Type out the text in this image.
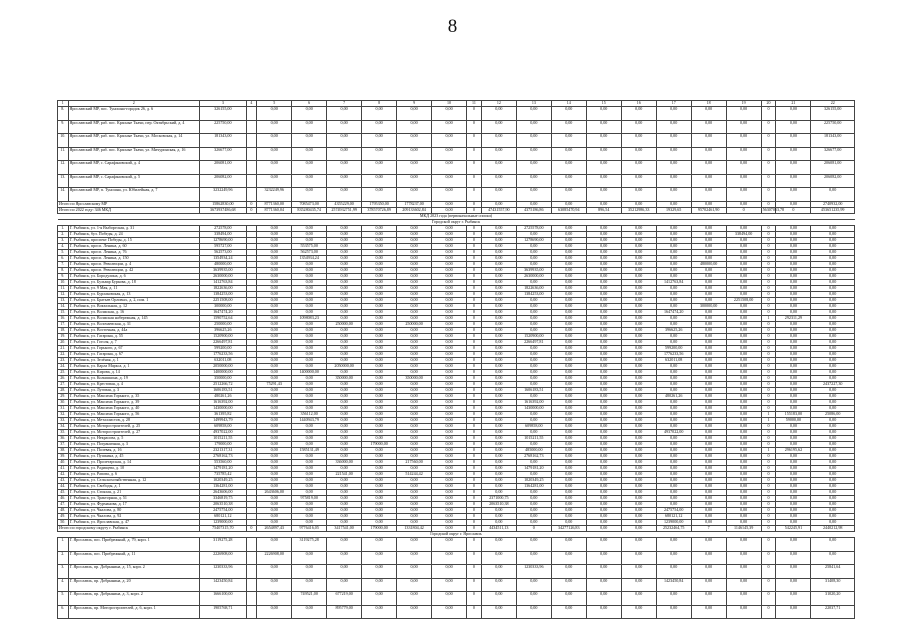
8
1	2	3	4	5	6	7	8	9	10	11	12	13	14	15	16	17	18	19	20	21	22
8.	Ярославский МР, пос. Туношна-городок 26, д. 6	326155,00		0,00	0,00	0,00	0,00	0,00	0,00	0	0,00	0,00	0,00	0,00	0,00	0,00	0,00	0,00	0	0,00	326155,00
9.	Ярославский МР, раб. пос. Красные Ткачи, пер. Октябрьский, д. 4	225750,00		0,00	0,00	0,00	0,00	0,00	0,00	0	0,00	0,00	0,00	0,00	0,00	0,00	0,00	0,00	0	0,00	225750,00
10.	Ярославский МР, раб. пос. Красные Ткачи, ул. Московская, д. 14	181343,00		0,00	0,00	0,00	0,00	0,00	0,00	0	0,00	0,00	0,00	0,00	0,00	0,00	0,00	0,00	0	0,00	181343,00
11.	Ярославский МР, раб. пос. Красные Ткачи, ул. Мичуринская, д. 16	326677,00		0,00	0,00	0,00	0,00	0,00	0,00	0	0,00	0,00	0,00	0,00	0,00	0,00	0,00	0,00	0	0,00	326677,00
12.	Ярославский МР, с. Сарафановский, д. 4	206081,00		0,00	0,00	0,00	0,00	0,00	0,00	0	0,00	0,00	0,00	0,00	0,00	0,00	0,00	0,00	0	0,00	206081,00
13.	Ярославский МР, с. Сарафановский, д. 5	206082,00		0,00	0,00	0,00	0,00	0,00	0,00	0	0,00	0,00	0,00	0,00	0,00	0,00	0,00	0,00	0	0,00	206082,00
14.	Ярославский МР, п. Туношна, ул. Юбилейная, д. 7	3232249,96		3232249,96	0,00	0,00	0,00	0,00	0,00	0	0,00	0,00	0,00	0,00	0,00	0,00	0,00	0,00	0	0,00	0,00
Итого по Ярославскому МР		15862830,00	0	8771360,00	7085473,00	4355229,00	1795350,00	1778237,00	0,00	0	0,00	0,00	0,00	0,00	0,00	0,00	0,00	0,00	0	0,00	2740932,00
Итого по 2022 году: 346 МКД		3673937486,68	0	8771360,04	835280435,74	2574932751,99	378570726,89	209133602,84	0,00	0	47431557,90	4375186,86	63085470,94	896,54	35212986,33	19329,65	95702461,90	0	56307053,78	0	453651235,99
МКД 2023 года (первоначальные списки)																					
Городской округ г. Рыбинск																					
1.	Г. Рыбинск, ул. 1-я Выборгская, д. 31	272578,00		0,00	0,00	0,00	0,00	0,00	0,00	0	0,00	2725578,00	0,00	0,00	0,00	0,00	0,00	0,00	0	0,00	0,00
2.	Г. Рыбинск, бул. Победы, д. 24	338494,00		0,00	0,00	0,00	0,00	0,00	0,00	0	0,00	0,00	0,00	0,00	0,00	0,00	0,00	338494,00	0	0,00	0,00
3.	Г. Рыбинск, проспект Победы, д. 15	1278690,00		0,00	0,00	0,00	0,00	0,00	0,00	0	0,00	1278690,00	0,00	0,00	0,00	0,00	0,00	0,00	0	0,00	0,00
4.	Г. Рыбинск, просп. Ленина, д. 60	595727,00		0,00	553575,00	0,00	0,00	0,00	0,00	0	0,00	0,00	0,00	0,00	0,00	0,00	0,00	0,00	0	0,00	0,00
5.	Г. Рыбинск, просп. Ленина, д. 76	562573,00		0,00	562573,00	0,00	0,00	0,00	0,00	0	0,00	0,00	0,00	0,00	0,00	0,00	0,00	0,00	0	0,00	0,00
6.	Г. Рыбинск, просп. Ленина, д. 150	1354934,24		0,00	1354934,24	0,00	0,00	0,00	0,00	0	0,00	0,00	0,00	0,00	0,00	0,00	0,00	0,00	0	0,00	0,00
7.	Г. Рыбинск, просп. Революции, д. 4	480000,00		0,00	0,00	0,00	0,00	0,00	0,00	0	0,00	0,00	0,00	0,00	0,00	0,00	480000,00	0,00	0	0,00	0,00
8.	Г. Рыбинск, просп. Революции, д. 42	3639935,00		0,00	0,00	0,00	0,00	0,00	0,00	0	0,00	3639935,00	0,00	0,00	0,00	0,00	0,00	0,00	0	0,00	0,00
9.	Г. Рыбинск, ул. Бородулина, д. 6	2630000,00		0,00	0,00	0,00	0,00	0,00	0,00	0	0,00	2630000,00	0,00	0,00	0,00	0,00	0,00	0,00	0	0,00	0,00
10.	Г. Рыбинск, ул. Бульвар Буркова, д. 18	1412763,84		0,00	0,00	0,00	0,00	0,00	0,00	0	0,00	0,00	0,00	0,00	0,00	1412763,84	0,00	0,00	0	0,00	0,00
11.	Г. Рыбинск, ул. 9 Мая, д. 11	1822636,00		0,00	0,00	0,00	0,00	0,00	0,00	0	0,00	1822636,00	0,00	0,00	0,00	0,00	0,00	0,00	0	0,00	0,00
12.	Г. Рыбинск, ул. Бурлаковская, д. 13	1384253,00		0,00	0,00	0,00	0,00	0,00	0,00	0	0,00	1384253,00	0,00	0,00	0,00	0,00	0,00	0,00	0	0,00	0,00
13.	Г. Рыбинск, ул. Братьев Орловых, д. 2, пом. 1	2251508,00		0,00	0,00	0,00	0,00	0,00	0,00	0	0,00	0,00	0,00	0,00	0,00	0,00	0,00	2251508,00	0	0,00	0,00
14.	Г. Рыбинск, ул. Вокзальная, д. 12	300000,00		0,00	0,00	0,00	0,00	0,00	0,00	0	0,00	0,00	0,00	0,00	0,00	0,00	300000,00	0,00	0	0,00	0,00
15.	Г. Рыбинск, ул. Волжская, д. 16	1647474,20		0,00	0,00	0,00	0,00	0,00	0,00	0	0,00	0,00	0,00	0,00	0,00	1647474,20	0,00	0,00	0	0,00	0,00
16.	Г. Рыбинск, ул. Волжская набережная, д. 145	1590752,64		0,00	1098083,23	0,00	0,00	0,00	0,00	0	0,00	0,00	0,00	0,00	0,00	0,00	0,00	0,00	1	292311,29	0,00
17.	Г. Рыбинск, ул. Волочаевская, д. 31	250000,00		0,00	0,00	250000,00	0,00	250000,00	0,00	0	0,00	0,00	0,00	0,00	0,00	0,00	0,00	0,00	0	0,00	0,00
18.	Г. Рыбинск, ул. Восточная, д. 44а	396625,26		0,00	0,00	0,00	0,00	0,00	0,00	0	0,00	0,00	0,00	0,00	0,00	396625,26	0,00	0,00	0	0,00	0,00
19.	Г. Рыбинск, ул. Гагарина, д. 55	1520900,00		0,00	0,00	0,00	0,00	0,00	0,00	0	0,00	1520900,00	0,00	0,00	0,00	0,00	0,00	0,00	0	0,00	0,00
20.	Г. Рыбинск, ул. Гоголя, д. 7	2266497,81		0,00	0,00	0,00	0,00	0,00	0,00	0	0,00	2266497,81	0,00	0,00	0,00	0,00	0,00	0,00	0	0,00	0,00
21.	Г. Рыбинск, ул. Горького, д. 67	599200,00		0,00	0,00	0,00	0,00	0,00	0,00	0	0,00	0,00	0,00	0,00	0,00	599200,00	0,00	0,00	0	0,00	0,00
22.	Г. Рыбинск, ул. Гагарина, д. 67	1776233,56		0,00	0,00	0,00	0,00	0,00	0,00	0	0,00	0,00	0,00	0,00	0,00	1776233,56	0,00	0,00	0	0,00	0,00
23.	Г. Рыбинск, ул. Зелёная, д. 1	632011,08		0,00	0,00	0,00	0,00	0,00	0,00	0	0,00	0,00	0,00	0,00	0,00	632011,08	0,00	0,00	0	0,00	0,00
24.	Г. Рыбинск, ул. Карла Маркса, д. 1	2050000,00		0,00	0,00	2050000,00	0,00	0,00	0,00	0	0,00	0,00	0,00	0,00	0,00	0,00	0,00	0,00	0	0,00	0,00
25.	Г. Рыбинск, ул. Кирова, д. 14	1400000,00		0,00	1400000,00	0,00	0,00	0,00	0,00	0	0,00	0,00	0,00	0,00	0,00	0,00	0,00	0,00	0	0,00	0,00
26.	Г. Рыбинск, ул. Колышкина, д. 19	350000,00		0,00	0,00	350000,00	0,00	350000,00	0,00	0	0,00	0,00	0,00	0,00	0,00	0,00	0,00	0,00	0	0,00	0,00
27.	Г. Рыбинск, ул. Крестовая, д. 4	2512266,72		75291,43	0,00	0,00	0,00	0,00	0,00	0	0,00	0,00	0,00	0,00	0,00	0,00	0,00	0,00	0	0,00	2437227,30
28.	Г. Рыбинск, ул. Луговая, д. 3	1606183,51		0,00	0,00	0,00	0,00	0,00	0,00	0	0,00	1606183,51	0,00	0,00	0,00	0,00	0,00	0,00	0	0,00	0,00
29.	Г. Рыбинск, ул. Максима Горького, д. 35	480261,26		0,00	0,00	0,00	0,00	0,00	0,00	0	0,00	0,00	0,00	0,00	0,00	480261,26	0,00	0,00	0	0,00	0,00
30.	Г. Рыбинск, ул. Максима Горького, д. 39	1616392,00		0,00	0,00	0,00	0,00	0,00	0,00	0	0,00	1616392,00	0,00	0,00	0,00	0,00	0,00	0,00	0	0,00	0,00
31.	Г. Рыбинск, ул. Максима Горького, д. 40	1430000,00		0,00	0,00	0,00	0,00	0,00	0,00	0	0,00	1430000,00	0,00	0,00	0,00	0,00	0,00	0,00	0	0,00	0,00
32.	Г. Рыбинск, ул. Максима Горького, д. 56	361395,82		0,00	356112,00	0,00	0,00	0,00	0,00	0	0,00	0,00	0,00	0,00	0,00	0,00	0,00	0,00	1	155183,00	25086,00
33.	Г. Рыбинск, ул. Металлистов, д. 28	1499943,79		0,00	1440943,79	0,00	0,00	0,00	0,00	0	0,00	0,00	0,00	0,00	0,00	0,00	0,00	0,00	1	59000,00	0,00
34.	Г. Рыбинск, ул. Моторостроителей, д. 25	609858,00		0,00	0,00	0,00	0,00	0,00	0,00	0	0,00	609858,00	0,00	0,00	0,00	0,00	0,00	0,00	0	0,00	0,00
35.	Г. Рыбинск, ул. Моторостроителей, д. 27	4937022,00		0,00	0,00	0,00	0,00	0,00	0,00	0	0,00	0,00	0,00	0,00	0,00	4937022,00	0,00	0,00	0	0,00	0,00
36.	Г. Рыбинск, ул. Некрасова, д. 5	1015211,55		0,00	0,00	0,00	0,00	0,00	0,00	0	0,00	1015211,55	0,00	0,00	0,00	0,00	0,00	0,00	0	0,00	0,00
37.	Г. Рыбинск, ул. Пограничная, д. 3	179000,00		0,00	0,00	0,00	179000,00	0,00	0,00	0	0,00	0,00	0,00	0,00	0,00	0,00	0,00	0,00	0	0,00	0,00
38.	Г. Рыбинск, ул. Полевая, д. 16	2321317,31		0,00	1585131,49	0,00	0,00	0,00	0,00	0	0,00	485000,00	0,00	0,00	0,00	0,00	0,00	0,00	1	296195,62	0,00
39.	Г. Рыбинск, ул. Пушкина, д. 45	2768162,73		0,00	0,00	0,00	0,00	0,00	0,00	0	0,00	2768162,73	0,00	0,00	0,00	0,00	0,00	0,00	0	0,00	0,00
40.	Г. Рыбинск, ул. Пролетарская, д. 14	553560,00		0,00	0,00	336000,00	0,00	217560,00	0,00	0	0,00	0,00	0,00	0,00	0,00	0,00	0,00	0,00	0	0,00	0,00
41.	Г. Рыбинск, ул. Радищева, д. 10	1479181,20		0,00	0,00	0,00	0,00	0,00	0,00	0	0,00	1479181,20	0,00	0,00	0,00	0,00	0,00	0,00	0	0,00	0,00
42.	Г. Рыбинск, ул. Рапова, д. 6	735785,42		0,00	0,00	221541,00	0,00	514244,42	0,00	0	0,00	0,00	0,00	0,00	0,00	0,00	0,00	0,00	0	0,00	0,00
43.	Г. Рыбинск, ул. Сельскохозяйственная, д. 12	1020349,25		0,00	0,00	0,00	0,00	0,00	0,00	0	0,00	1020349,25	0,00	0,00	0,00	0,00	0,00	0,00	0	0,00	0,00
44.	Г. Рыбинск, ул. Свободы, д. 1	1364281,00		0,00	0,00	0,00	0,00	0,00	0,00	0	0,00	1364281,00	0,00	0,00	0,00	0,00	0,00	0,00	0	0,00	0,00
45.	Г. Рыбинск, ул. Стоялая, д. 21	2643606,00		2643606,00	0,00	0,00	0,00	0,00	0,00	0	0,00	0,00	0,00	0,00	0,00	0,00	0,00	0,00	0	0,00	0,00
46.	Г. Рыбинск, ул. Тракторная, д. 51	3346819,75		0,00	975819,00	0,00	0,00	0,00	0,00	0	2371000,75	0,00	0,00	0,00	0,00	0,00	0,00	0,00	0	0,00	0,00
47.	Г. Рыбинск, ул. Фурманова, д. 17	2063510,38		0,00	0,00	0,00	0,00	0,00	0,00	0	2063510,38	0,00	0,00	0,00	0,00	0,00	0,00	0,00	0	0,00	0,00
48.	Г. Рыбинск, ул. Чкалова, д. 80	2475754,00		0,00	0,00	0,00	0,00	0,00	0,00	0	0,00	0,00	0,00	0,00	0,00	2475754,00	0,00	0,00	0	0,00	0,00
49.	Г. Рыбинск, ул. Чкалова, д. 92	680121,12		0,00	0,00	0,00	0,00	0,00	0,00	0	0,00	0,00	0,00	0,00	0,00	680121,12	0,00	0,00	0	0,00	0,00
50.	Г. Рыбинск, ул. Ярославская, д. 47	1239000,00		0,00	0,00	0,00	0,00	0,00	0,00	0	0,00	0,00	0,00	0,00	0,00	1239000,00	0,00	0,00	0	0,00	0,00
Итого по городскому округу г. Рыбинск		75407315,70	0	2654897,43	9776416,05	3417541,00	179000,00	1331804,42	0,00	0	4434511,13	0	34277126,83	0,00	0,00	25232464,75	7	1146145,39	0	542245,91	2440212,98
Городской округ г. Ярославль																					
1.	Г. Ярославль, пос. Прибрежный, д. 79, корп. 1	3119275,28		0,00	3119275,28	0,00	0,00	0,00	0,00	0	0,00	0,00	0,00	0,00	0,00	0,00	0,00	0,00	0	0,00	0,00
2.	Г. Ярославль, пос. Прибрежный, д. 11	2226908,00		2226908,00	0,00	0,00	0,00	0,00	0,00	0	0,00	0,00	0,00	0,00	0,00	0,00	0,00	0,00	0	0,00	0,00
3.	Г. Ярославль, пр. Добрынина, д. 15, корп. 2	1230333,96		0,00	0,00	0,00	0,00	0,00	0,00	0	0,00	1230333,96	0,00	0,00	0,00	0,00	0,00	0,00	0	0,00	25841,64
4.	Г. Ярославль, пр. Добрынина, д. 20	1423450,84		0,00	0,00	0,00	0,00	0,00	0,00	0	0,00	0,00	0,00	0,00	0,00	1423450,84	0,00	0,00	0	0,00	31408,30
5.	Г. Ярославль, пр. Добрынина, д. 3, корп. 2	1666100,00		0,00	749521,00	677219,00	0,00	0,00	0,00	0	0,00	0,00	0,00	0,00	0,00	0,00	0,00	0,00	0	0,00	31020,20
6.	Г. Ярославль, пр. Моторостроителей, д. 6, корп. 1	1905768,71		0,00	0,00	895779,00	0,00	0,00	0,00	0	0,00	0,00	0,00	0,00	0,00	0,00	0,00	0,00	0	0,00	22037,71
